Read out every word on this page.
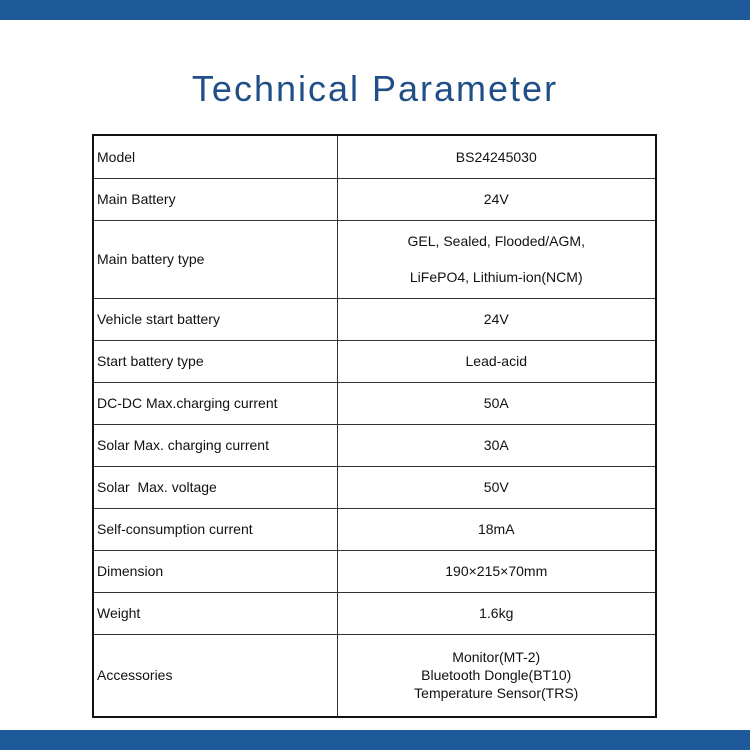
Technical Parameter
Model	BS24245030

Main Battery	24V

Main battery type	GEL, Sealed, Flooded/AGM,
LiFePO4, Lithium-ion(NCM)

Vehicle start battery	24V

Start battery type	Lead-acid

DC-DC Max.charging current	50A

Solar Max. charging current	30A

Solar  Max. voltage	50V

Self-consumption current	18mA

Dimension	190×215×70mm

Weight	1.6kg

Accessories	Monitor(MT-2)
Bluetooth Dongle(BT10)
Temperature Sensor(TRS)
